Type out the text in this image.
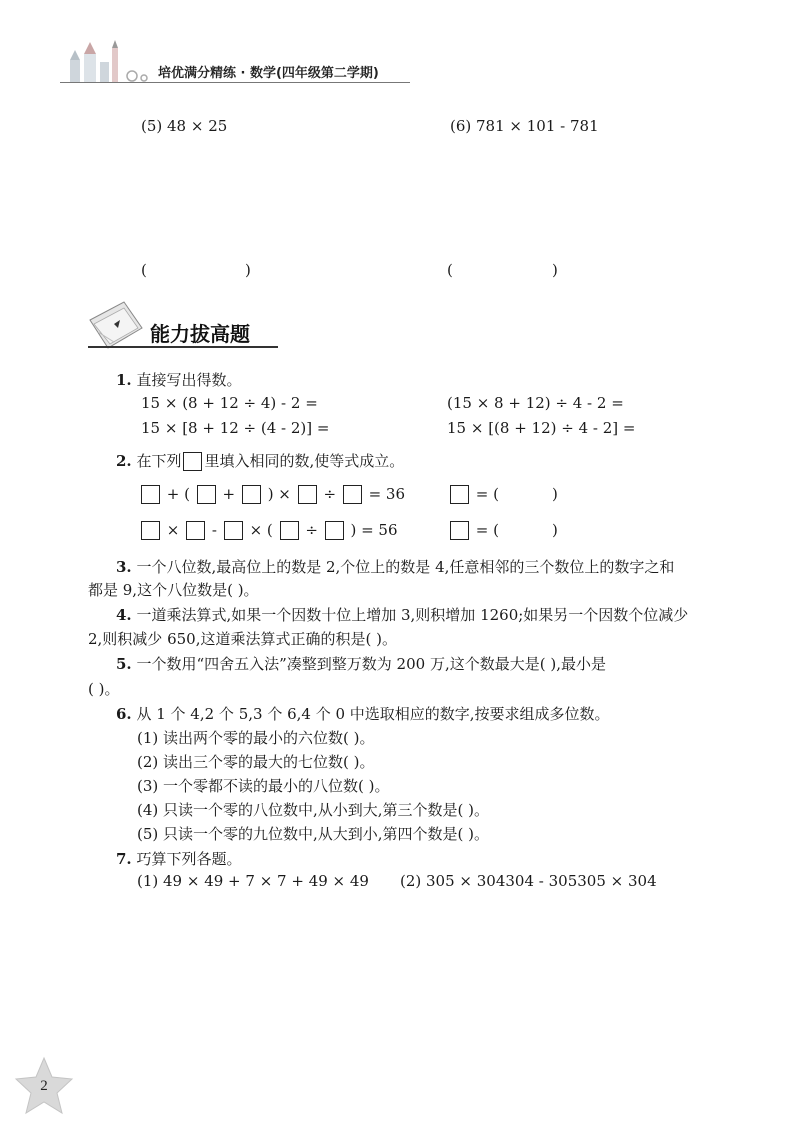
培优满分精练 · 数学(四年级第二学期)
(5) 48 × 25	(6) 781 × 101 - 781
(	)	(	)
能力拔高题
1. 直接写出得数。
15 × (8 + 12 ÷ 4) - 2 =	(15 × 8 + 12) ÷ 4 - 2 =
15 × [8 + 12 ÷ (4 - 2)] =	15 × [(8 + 12) ÷ 4 - 2] =
2. 在下列 里填入相同的数,使等式成立。
+ ( + ) × ÷ = 36	= (	)
× - × ( ÷ ) = 56	= (	)
3. 一个八位数,最高位上的数是 2,个位上的数是 4,任意相邻的三个数位上的数字之和
都是 9,这个八位数是( )。
4. 一道乘法算式,如果一个因数十位上增加 3,则积增加 1260;如果另一个因数个位减少
2,则积减少 650,这道乘法算式正确的积是( )。
5. 一个数用“四舍五入法”凑整到整万数为 200 万,这个数最大是( ),最小是
( )。
6. 从 1 个 4,2 个 5,3 个 6,4 个 0 中选取相应的数字,按要求组成多位数。
(1) 读出两个零的最小的六位数( )。
(2) 读出三个零的最大的七位数( )。
(3) 一个零都不读的最小的八位数( )。
(4) 只读一个零的八位数中,从小到大,第三个数是( )。
(5) 只读一个零的九位数中,从大到小,第四个数是( )。
7. 巧算下列各题。
(1) 49 × 49 + 7 × 7 + 49 × 49 (2) 305 × 304304 - 305305 × 304
2
